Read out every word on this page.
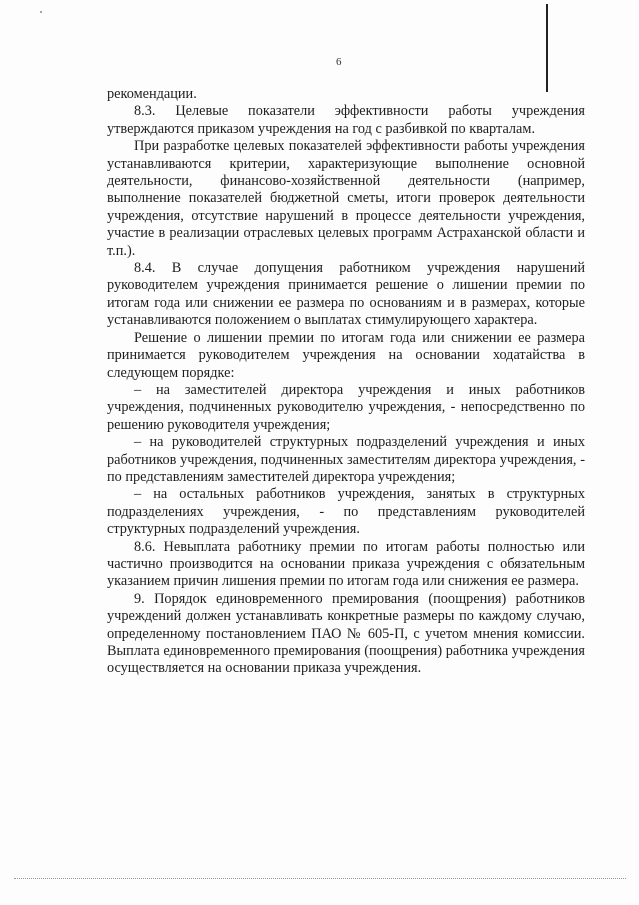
6

рекомендации.

8.3. Целевые показатели эффективности работы учреждения утверждаются приказом учреждения на год с разбивкой по кварталам.

При разработке целевых показателей эффективности работы учреждения устанавливаются критерии, характеризующие выполнение основной деятельности, финансово-хозяйственной деятельности (например, выполнение показателей бюджетной сметы, итоги проверок деятельности учреждения, отсутствие нарушений в процессе деятельности учреждения, участие в реализации отраслевых целевых программ Астраханской области и т.п.).

8.4. В случае допущения работником учреждения нарушений руководителем учреждения принимается решение о лишении премии по итогам года или снижении ее размера по основаниям и в размерах, которые устанавливаются положением о выплатах стимулирующего характера.

Решение о лишении премии по итогам года или снижении ее размера принимается руководителем учреждения на основании ходатайства в следующем порядке:

– на заместителей директора учреждения и иных работников учреждения, подчиненных руководителю учреждения, - непосредственно по решению руководителя учреждения;

– на руководителей структурных подразделений учреждения и иных работников учреждения, подчиненных заместителям директора учреждения, - по представлениям заместителей директора учреждения;

– на остальных работников учреждения, занятых в структурных подразделениях учреждения, - по представлениям руководителей структурных подразделений учреждения.

8.6. Невыплата работнику премии по итогам работы полностью или частично производится на основании приказа учреждения с обязательным указанием причин лишения премии по итогам года или снижения ее размера.

9. Порядок единовременного премирования (поощрения) работников учреждений должен устанавливать конкретные размеры по каждому случаю, определенному постановлением ПАО № 605-П, с учетом мнения комиссии. Выплата единовременного премирования (поощрения) работника учреждения осуществляется на основании приказа учреждения.
